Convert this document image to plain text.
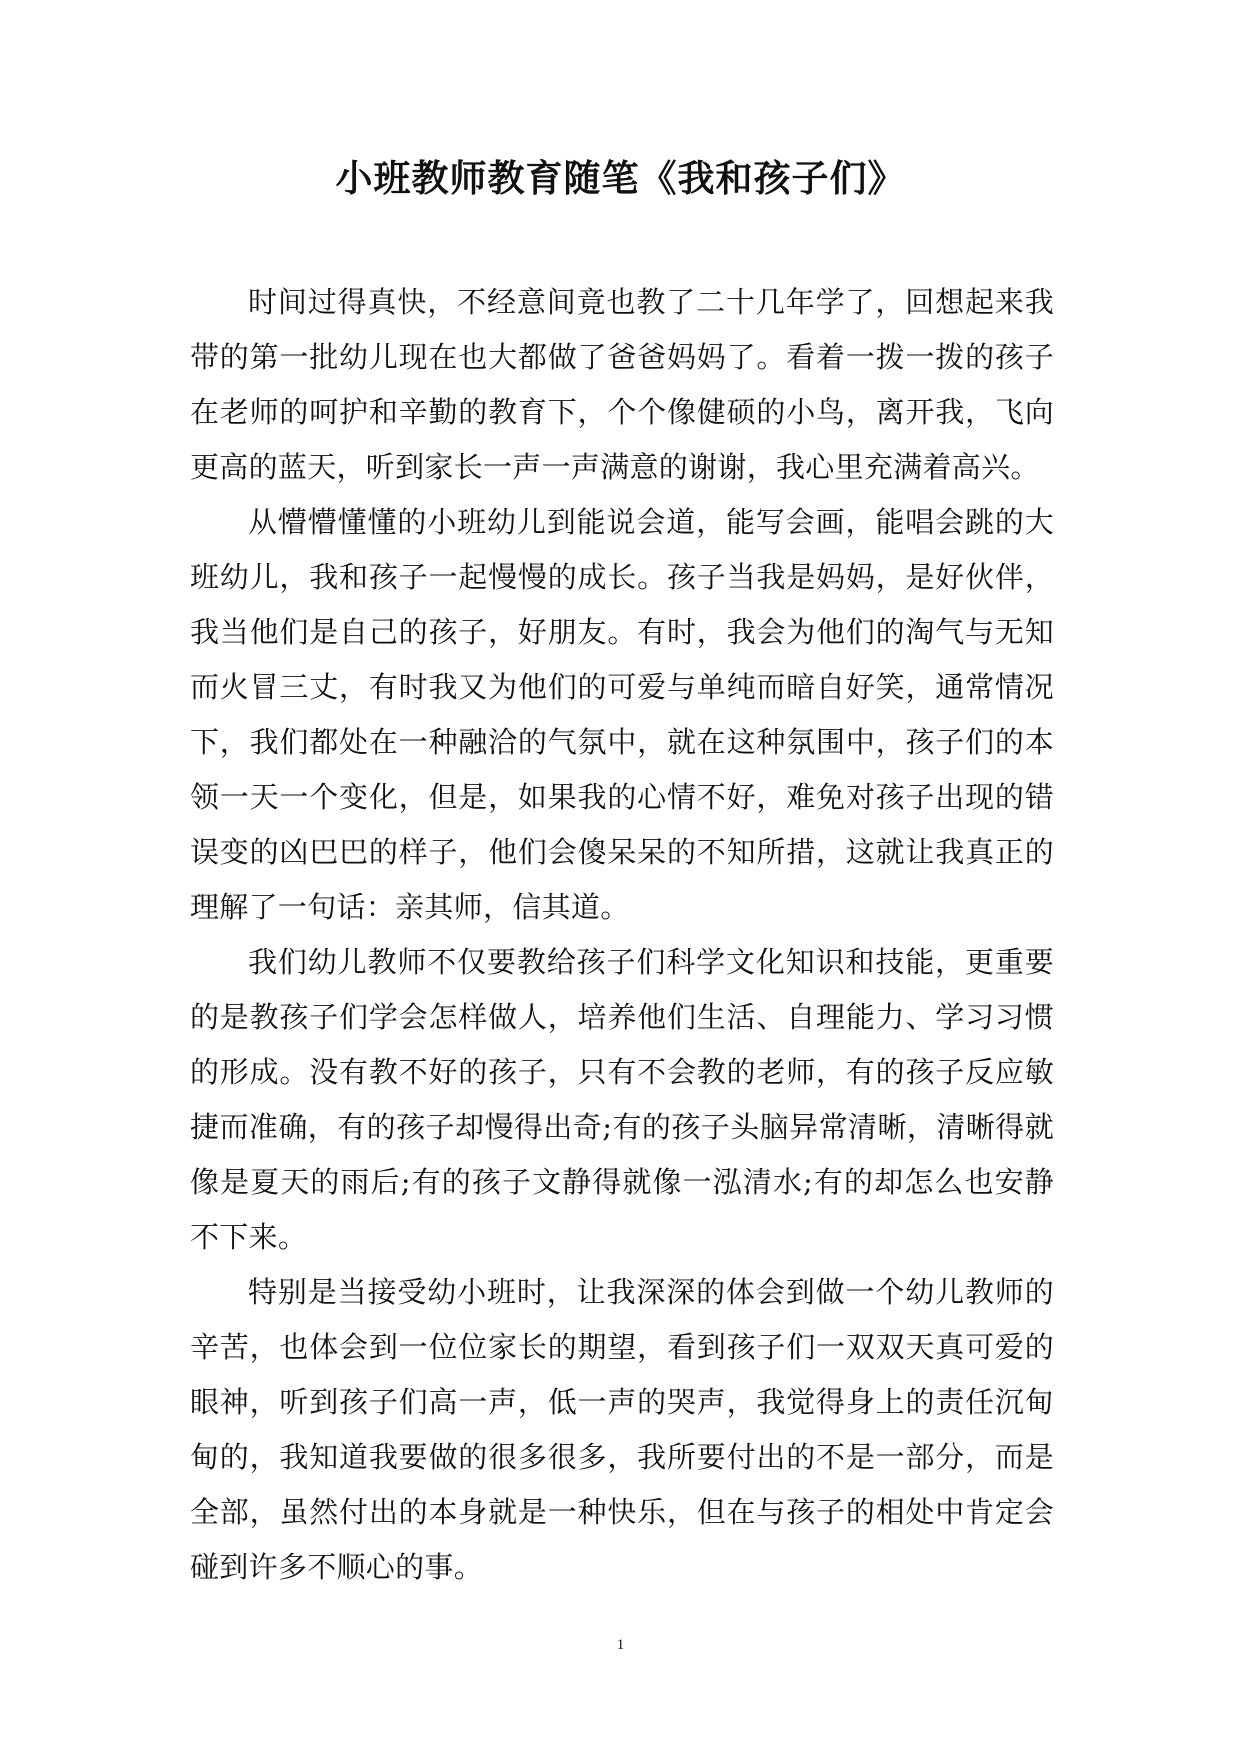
小班教师教育随笔《我和孩子们》

时间过得真快，不经意间竟也教了二十几年学了，回想起来我带的第一批幼儿现在也大都做了爸爸妈妈了。看着一拨一拨的孩子在老师的呵护和辛勤的教育下，个个像健硕的小鸟，离开我，飞向更高的蓝天，听到家长一声一声满意的谢谢，我心里充满着高兴。

从懵懵懂懂的小班幼儿到能说会道，能写会画，能唱会跳的大班幼儿，我和孩子一起慢慢的成长。孩子当我是妈妈，是好伙伴，我当他们是自己的孩子，好朋友。有时，我会为他们的淘气与无知而火冒三丈，有时我又为他们的可爱与单纯而暗自好笑，通常情况下，我们都处在一种融洽的气氛中，就在这种氛围中，孩子们的本领一天一个变化，但是，如果我的心情不好，难免对孩子出现的错误变的凶巴巴的样子，他们会傻呆呆的不知所措，这就让我真正的理解了一句话：亲其师，信其道。

我们幼儿教师不仅要教给孩子们科学文化知识和技能，更重要的是教孩子们学会怎样做人，培养他们生活、自理能力、学习习惯的形成。没有教不好的孩子，只有不会教的老师，有的孩子反应敏捷而准确，有的孩子却慢得出奇;有的孩子头脑异常清晰，清晰得就像是夏天的雨后;有的孩子文静得就像一泓清水;有的却怎么也安静不下来。

特别是当接受幼小班时，让我深深的体会到做一个幼儿教师的辛苦，也体会到一位位家长的期望，看到孩子们一双双天真可爱的眼神，听到孩子们高一声，低一声的哭声，我觉得身上的责任沉甸甸的，我知道我要做的很多很多，我所要付出的不是一部分，而是全部，虽然付出的本身就是一种快乐，但在与孩子的相处中肯定会碰到许多不顺心的事。

1
